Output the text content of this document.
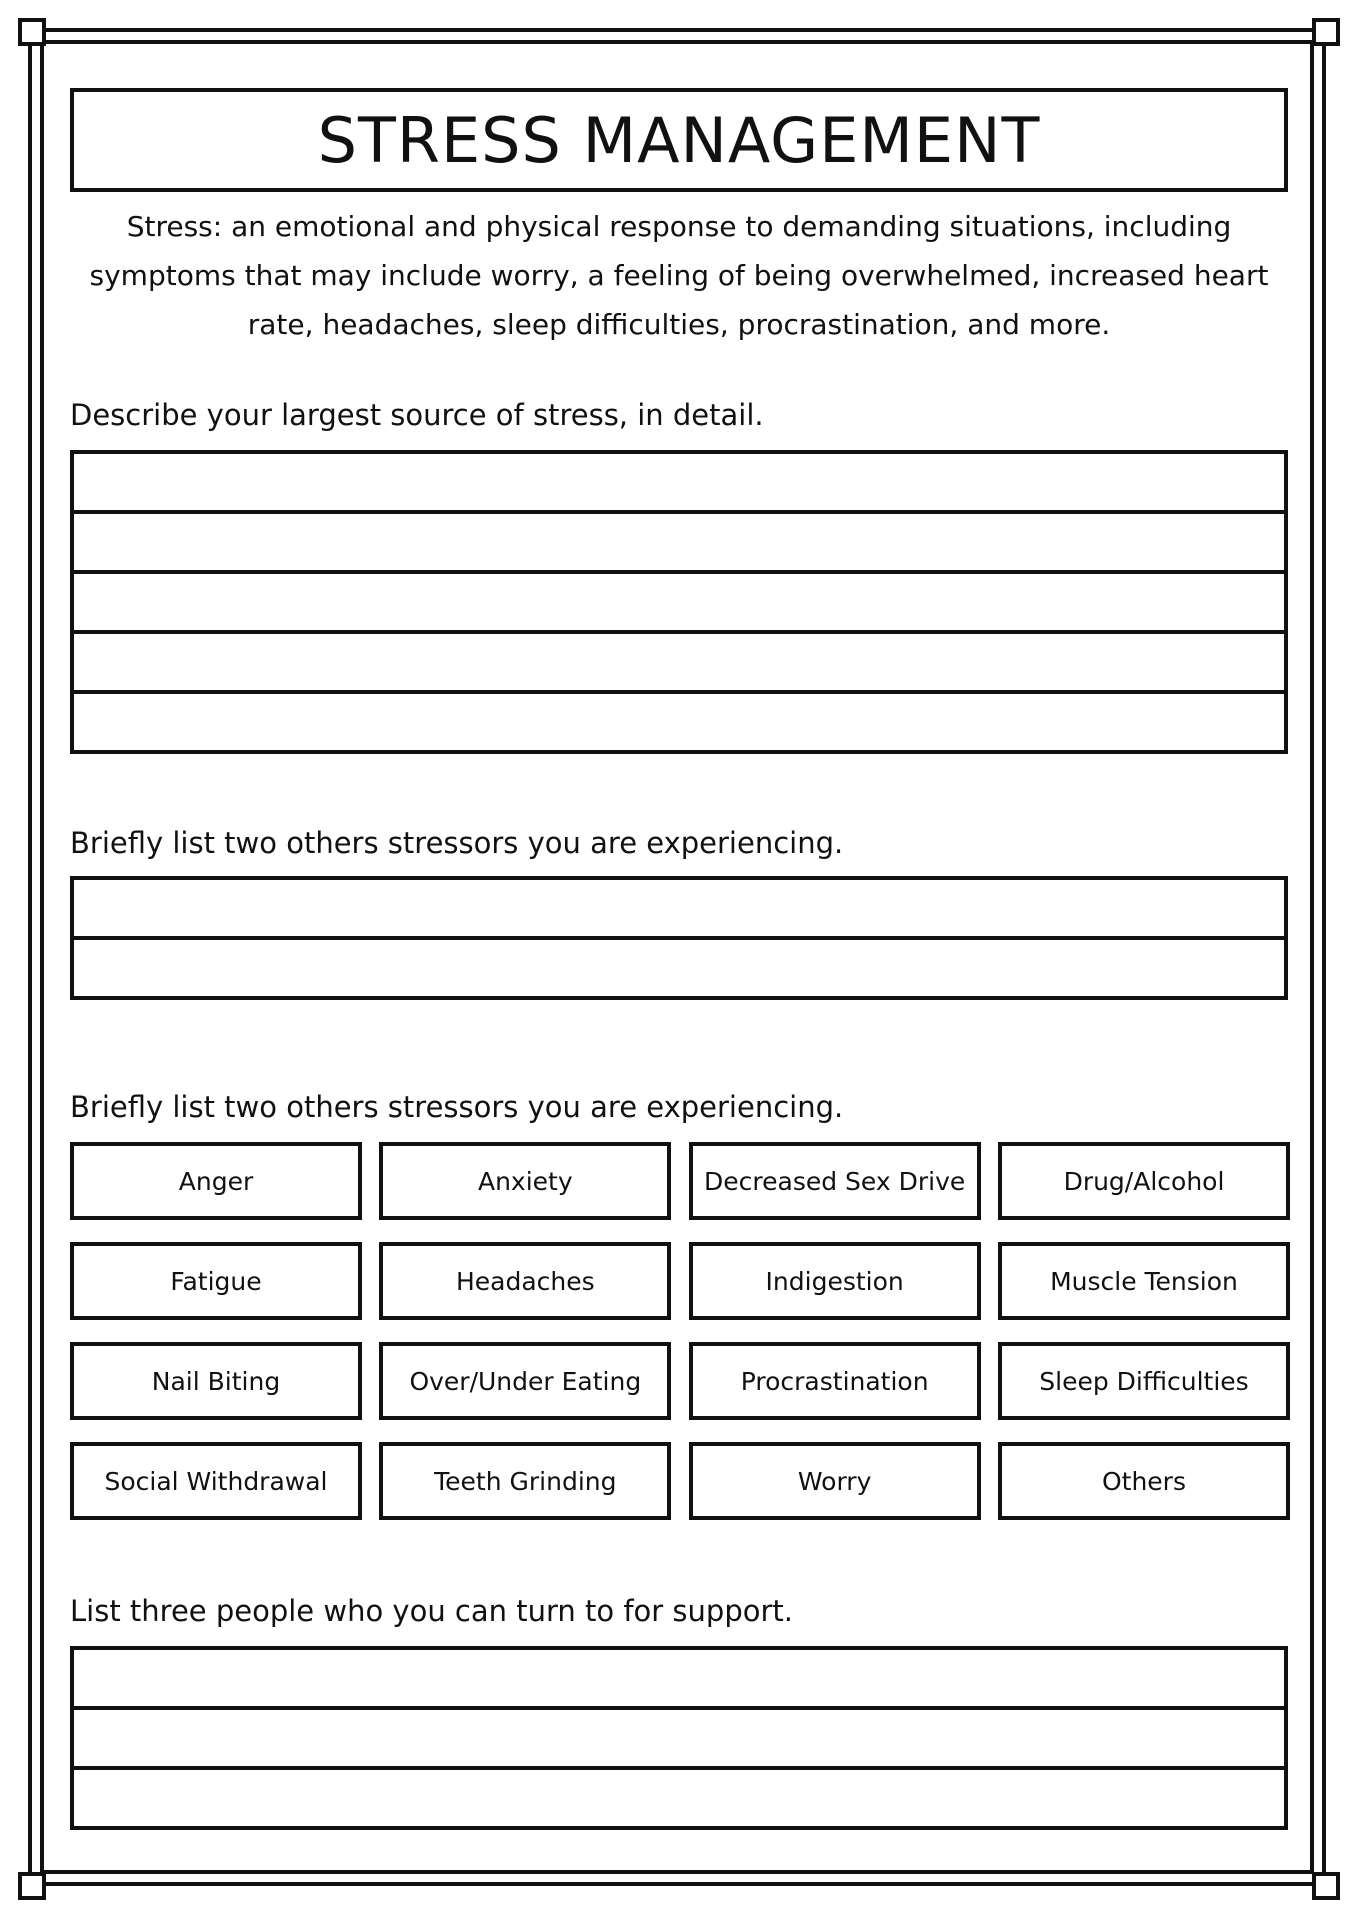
STRESS MANAGEMENT
Stress: an emotional and physical response to demanding situations, including symptoms that may include worry, a feeling of being overwhelmed, increased heart rate, headaches, sleep difficulties, procrastination, and more.
Describe your largest source of stress, in detail.
Briefly list two others stressors you are experiencing.
Briefly list two others stressors you are experiencing.
Anger	Anxiety	Decreased Sex Drive	Drug/Alcohol
Fatigue	Headaches	Indigestion	Muscle Tension
Nail Biting	Over/Under Eating	Procrastination	Sleep Difficulties
Social Withdrawal	Teeth Grinding	Worry	Others
List three people who you can turn to for support.
